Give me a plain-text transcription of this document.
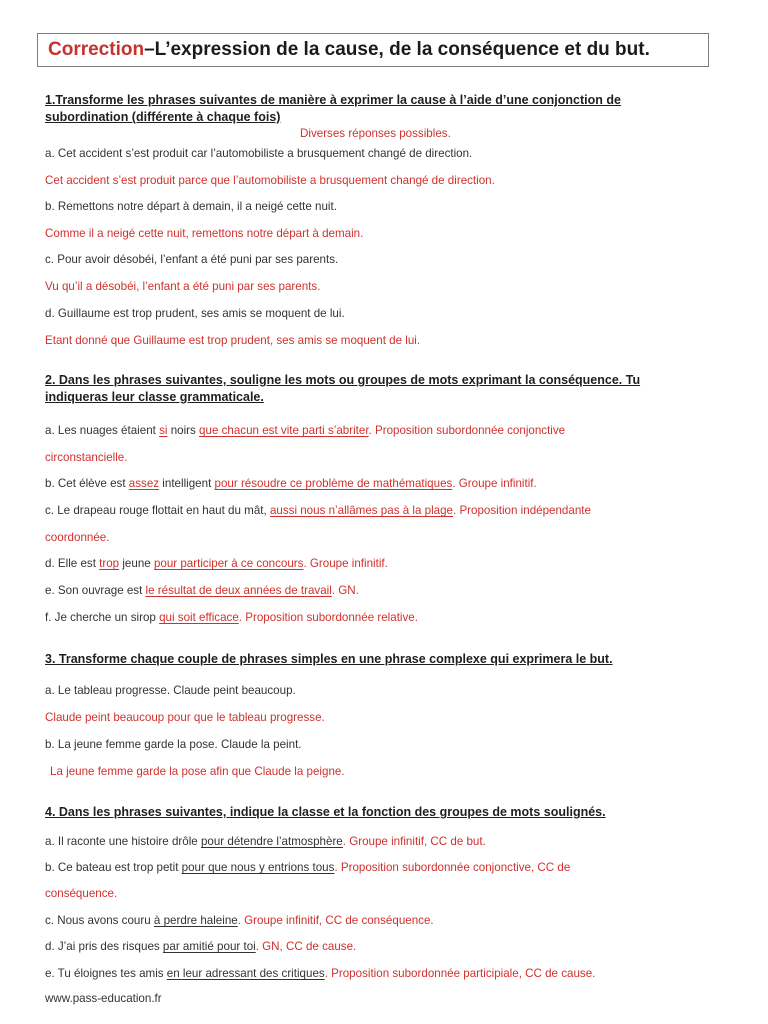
Correction – L’expression de la cause, de la conséquence et du but.
1.Transforme les phrases suivantes de manière à exprimer la cause à l’aide d’une conjonction de
subordination (différente à chaque fois)
Diverses réponses possibles.
a. Cet accident s’est produit car l’automobiliste a brusquement changé de direction.
Cet accident s’est produit parce que l’automobiliste a brusquement changé de direction.
b. Remettons notre départ à demain, il a neigé cette nuit.
Comme il a neigé cette nuit, remettons notre départ à demain.
c. Pour avoir désobéi, l’enfant a été puni par ses parents.
Vu qu’il a désobéi, l’enfant a été puni par ses parents.
d. Guillaume est trop prudent, ses amis se moquent de lui.
Etant donné que Guillaume est trop prudent, ses amis se moquent de lui.
2. Dans les phrases suivantes, souligne les mots ou groupes de mots exprimant la conséquence. Tu
indiqueras leur classe grammaticale.
a. Les nuages étaient si noirs que chacun est vite parti s’abriter. Proposition subordonnée conjonctive
circonstancielle.
b. Cet élève est assez intelligent pour résoudre ce problème de mathématiques. Groupe infinitif.
c. Le drapeau rouge flottait en haut du mât, aussi nous n’allâmes pas à la plage. Proposition indépendante
coordonnée.
d. Elle est trop jeune pour participer à ce concours. Groupe infinitif.
e. Son ouvrage est le résultat de deux années de travail. GN.
f. Je cherche un sirop qui soit efficace. Proposition subordonnée relative.
3. Transforme chaque couple de phrases simples en une phrase complexe qui exprimera le but.
a. Le tableau progresse. Claude peint beaucoup.
Claude peint beaucoup pour que le tableau progresse.
b. La jeune femme garde la pose. Claude la peint.
La jeune femme garde la pose afin que Claude la peigne.
4. Dans les phrases suivantes, indique la classe et la fonction des groupes de mots soulignés.
a. Il raconte une histoire drôle pour détendre l’atmosphère. Groupe infinitif, CC de but.
b. Ce bateau est trop petit pour que nous y entrions tous. Proposition subordonnée conjonctive, CC de
conséquence.
c. Nous avons couru à perdre haleine. Groupe infinitif, CC de conséquence.
d. J’ai pris des risques par amitié pour toi. GN, CC de cause.
e. Tu éloignes tes amis en leur adressant des critiques. Proposition subordonnée participiale, CC de cause.
www.pass-education.fr
